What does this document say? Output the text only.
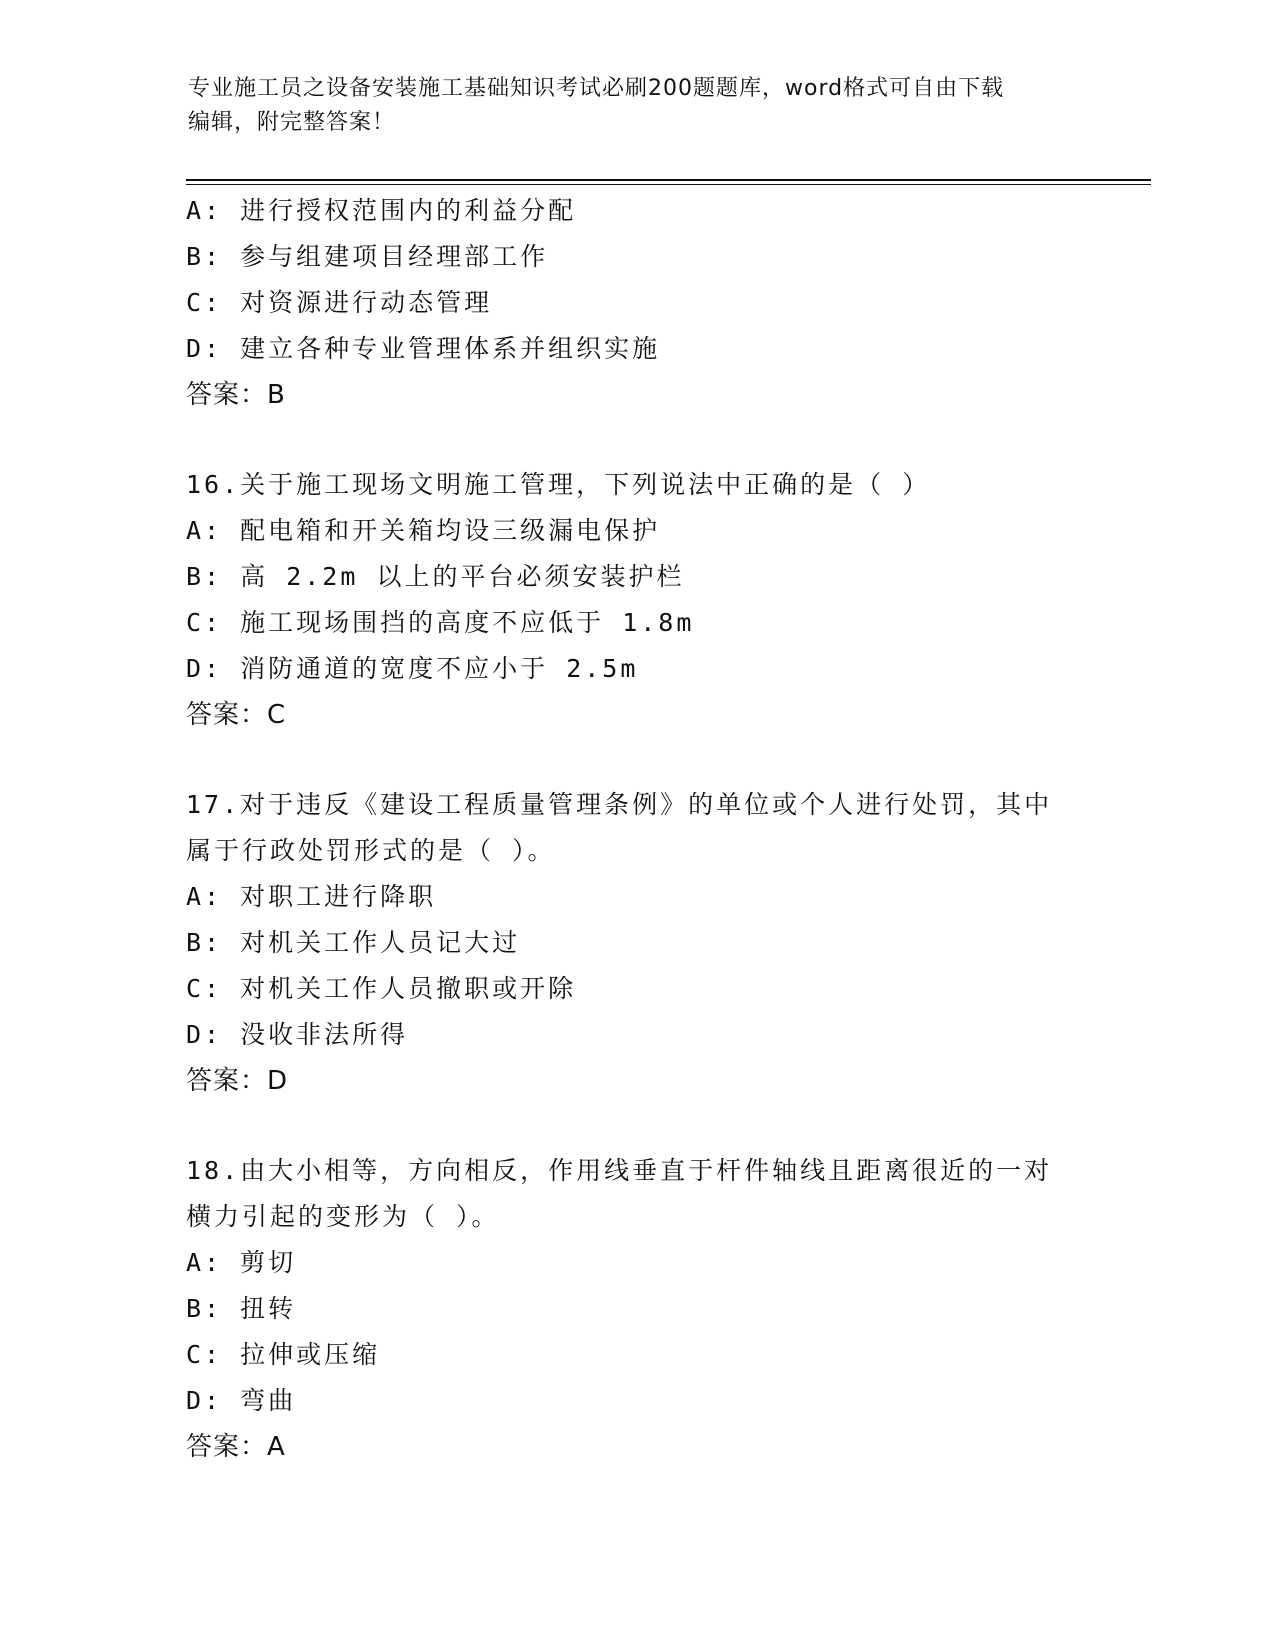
专业施工员之设备安装施工基础知识考试必刷200题题库，word格式可自由下载
编辑，附完整答案！
A: 进行授权范围内的利益分配
B: 参与组建项目经理部工作
C: 对资源进行动态管理
D: 建立各种专业管理体系并组织实施
答案：B
16.关于施工现场文明施工管理，下列说法中正确的是（ ）
A: 配电箱和开关箱均设三级漏电保护
B: 高 2.2m 以上的平台必须安装护栏
C: 施工现场围挡的高度不应低于 1.8m
D: 消防通道的宽度不应小于 2.5m
答案：C
17.对于违反《建设工程质量管理条例》的单位或个人进行处罚，其中
属于行政处罚形式的是（ ）。
A: 对职工进行降职
B: 对机关工作人员记大过
C: 对机关工作人员撤职或开除
D: 没收非法所得
答案：D
18.由大小相等，方向相反，作用线垂直于杆件轴线且距离很近的一对
横力引起的变形为（ ）。
A: 剪切
B: 扭转
C: 拉伸或压缩
D: 弯曲
答案：A
